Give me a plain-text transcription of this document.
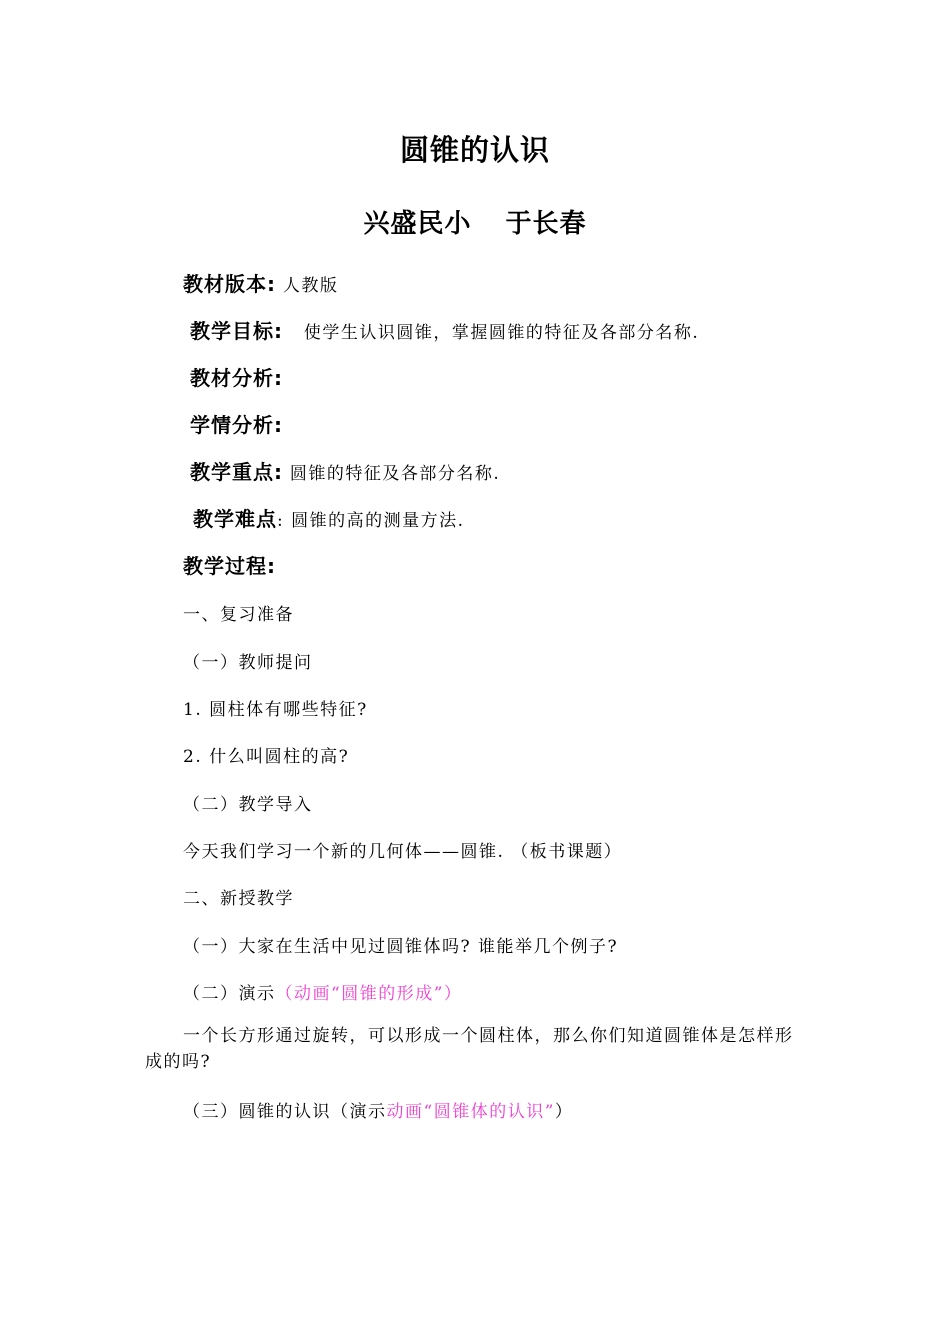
圆锥的认识
兴盛民小 于长春
教材版本: 人教版
教学目标: 使学生认识圆锥，掌握圆锥的特征及各部分名称.
教材分析:
学情分析:
教学重点: 圆锥的特征及各部分名称.
教学难点: 圆锥的高的测量方法.
教学过程:
一、复习准备
（一）教师提问
1. 圆柱体有哪些特征?
2. 什么叫圆柱的高?
（二）教学导入
今天我们学习一个新的几何体——圆锥. （板书课题）
二、新授教学
（一）大家在生活中见过圆锥体吗? 谁能举几个例子?
（二）演示（动画“圆锥的形成”）
一个长方形通过旋转，可以形成一个圆柱体，那么你们知道圆锥体是怎样形成的吗?
（三）圆锥的认识（演示动画“圆锥体的认识”）
